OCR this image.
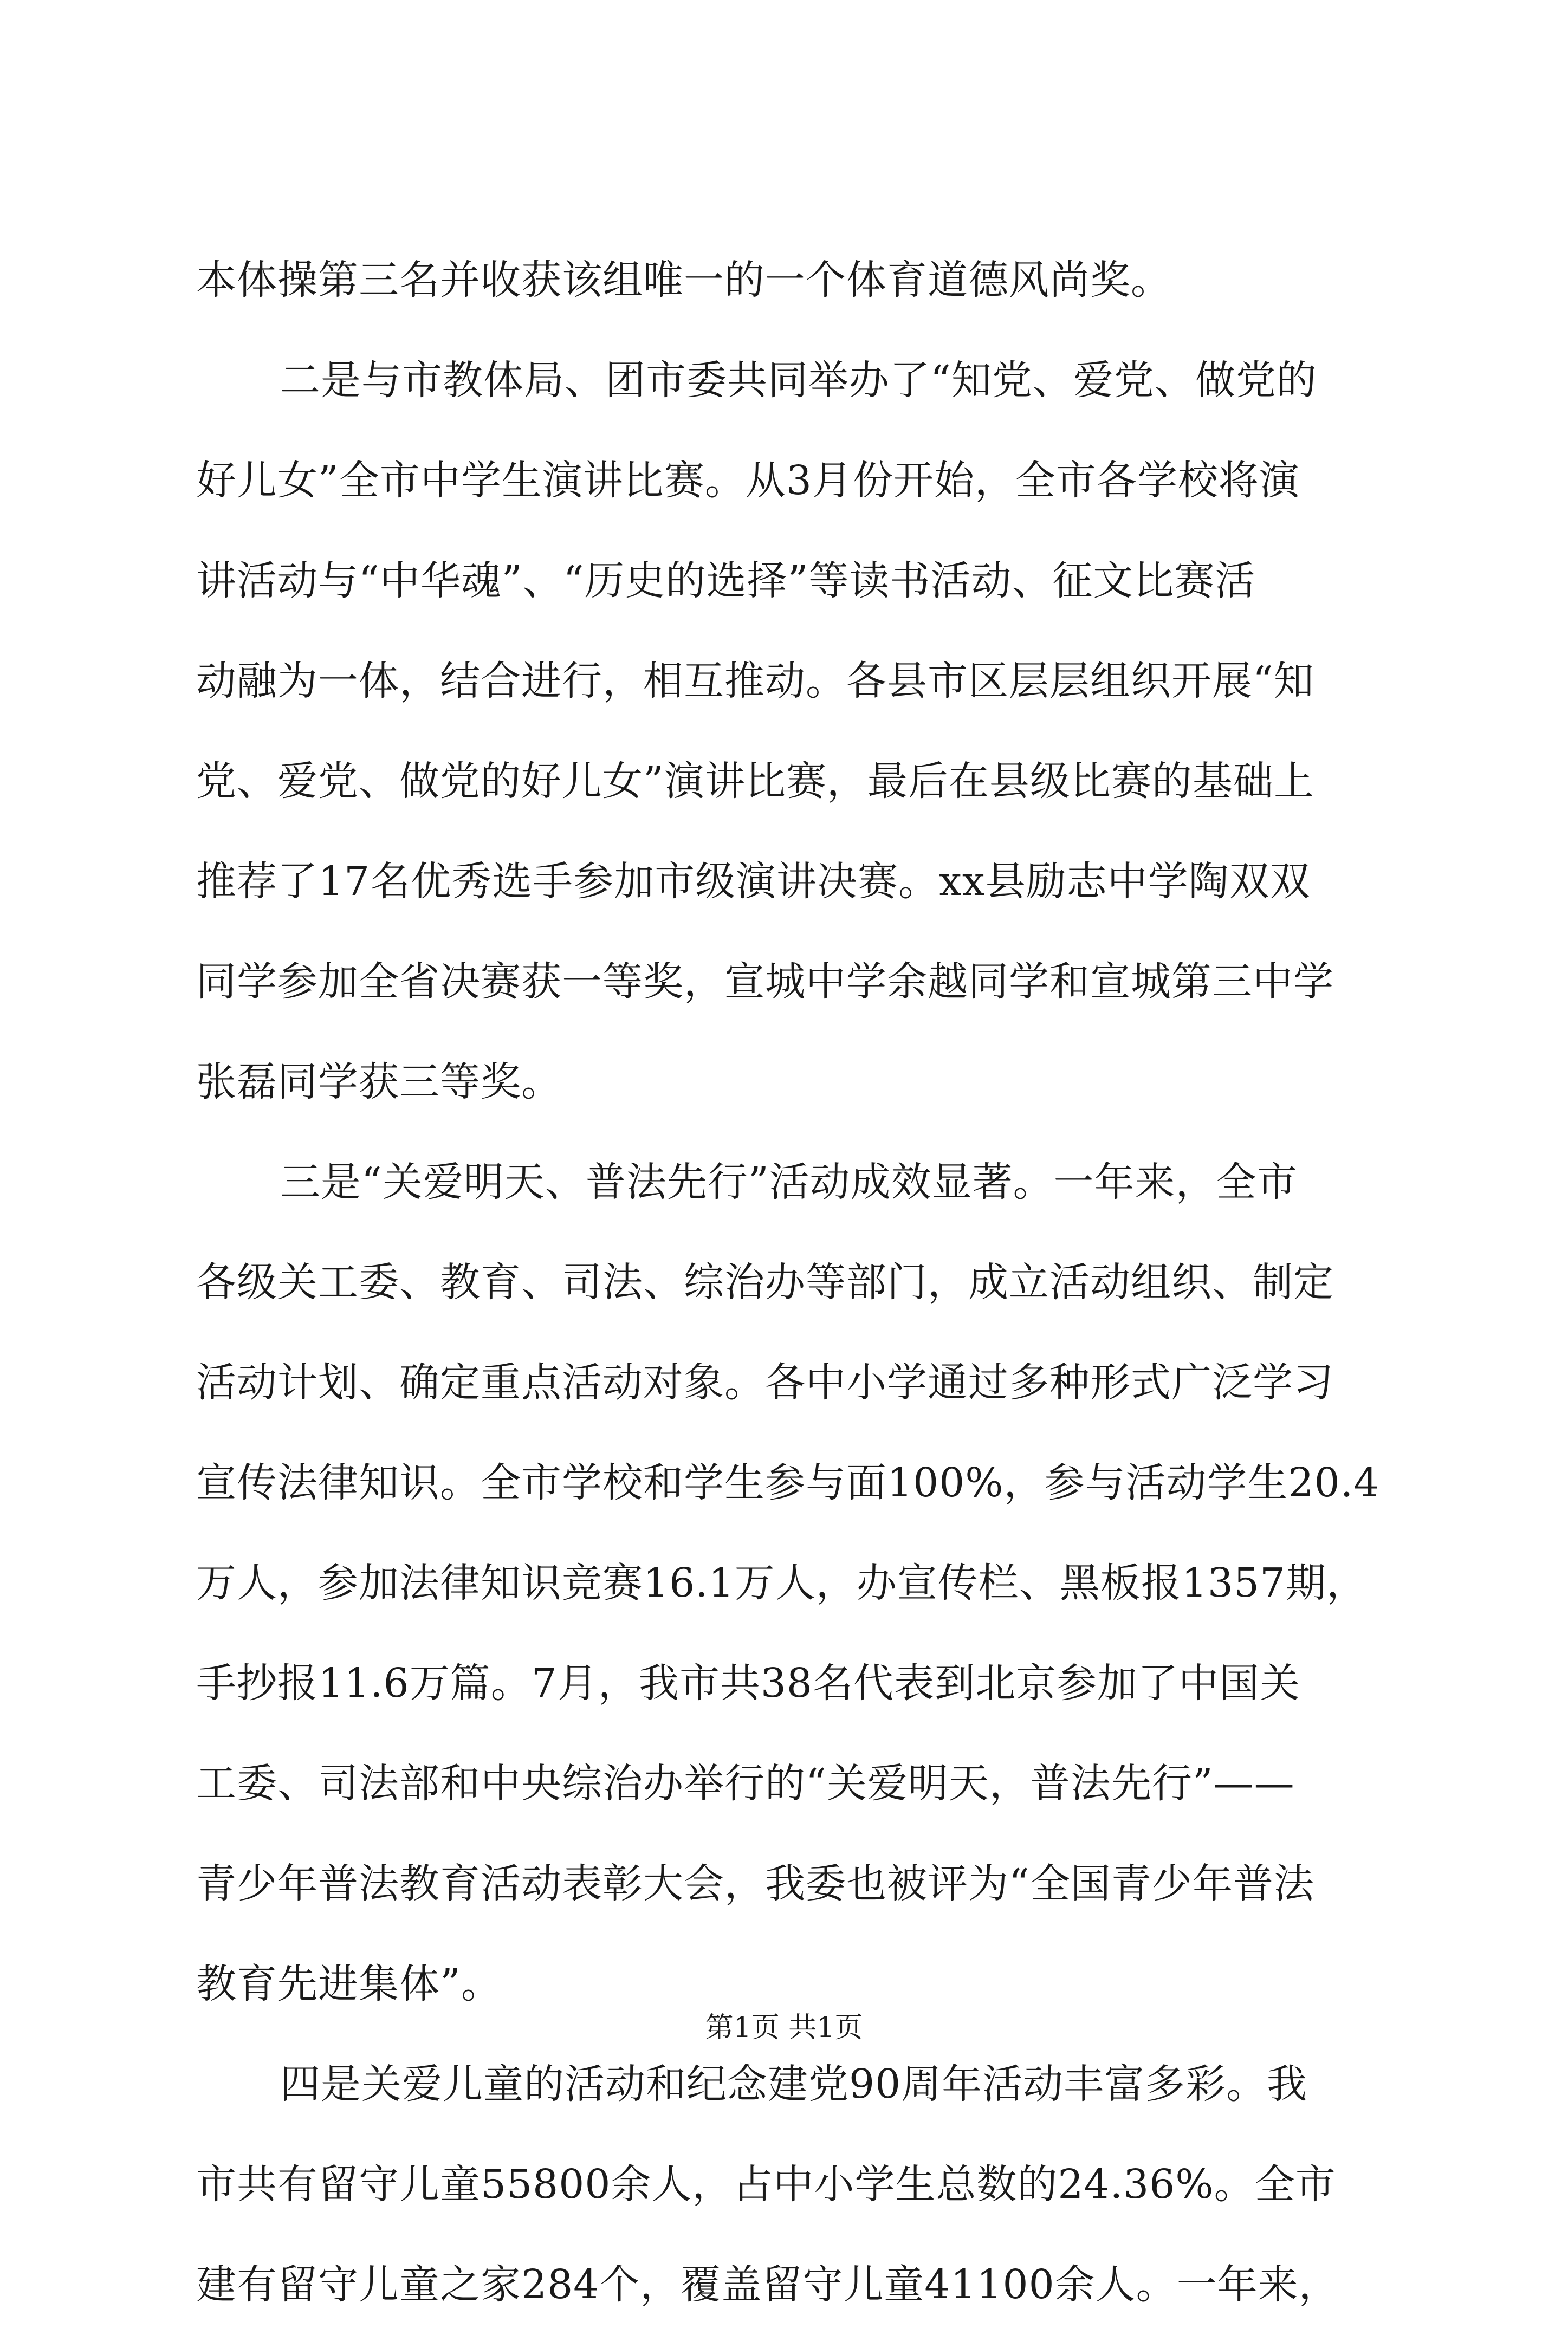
本体操第三名并收获该组唯一的一个体育道德风尚奖。
二是与市教体局、团市委共同举办了“知党、爱党、做党的
好儿女”全市中学生演讲比赛。从3月份开始，全市各学校将演
讲活动与“中华魂”、“历史的选择”等读书活动、征文比赛活
动融为一体，结合进行，相互推动。各县市区层层组织开展“知
党、爱党、做党的好儿女”演讲比赛，最后在县级比赛的基础上
推荐了17名优秀选手参加市级演讲决赛。xx县励志中学陶双双
同学参加全省决赛获一等奖，宣城中学余越同学和宣城第三中学
张磊同学获三等奖。
三是“关爱明天、普法先行”活动成效显著。一年来，全市
各级关工委、教育、司法、综治办等部门，成立活动组织、制定
活动计划、确定重点活动对象。各中小学通过多种形式广泛学习
宣传法律知识。全市学校和学生参与面100%，参与活动学生20.4
万人，参加法律知识竞赛16.1万人，办宣传栏、黑板报1357期，
手抄报11.6万篇。7月，我市共38名代表到北京参加了中国关
工委、司法部和中央综治办举行的“关爱明天，普法先行”——
青少年普法教育活动表彰大会，我委也被评为“全国青少年普法
教育先进集体”。
四是关爱儿童的活动和纪念建党90周年活动丰富多彩。我
市共有留守儿童55800余人，占中小学生总数的24.36%。全市
建有留守儿童之家284个，覆盖留守儿童41100余人。一年来，
第1页 共1页
